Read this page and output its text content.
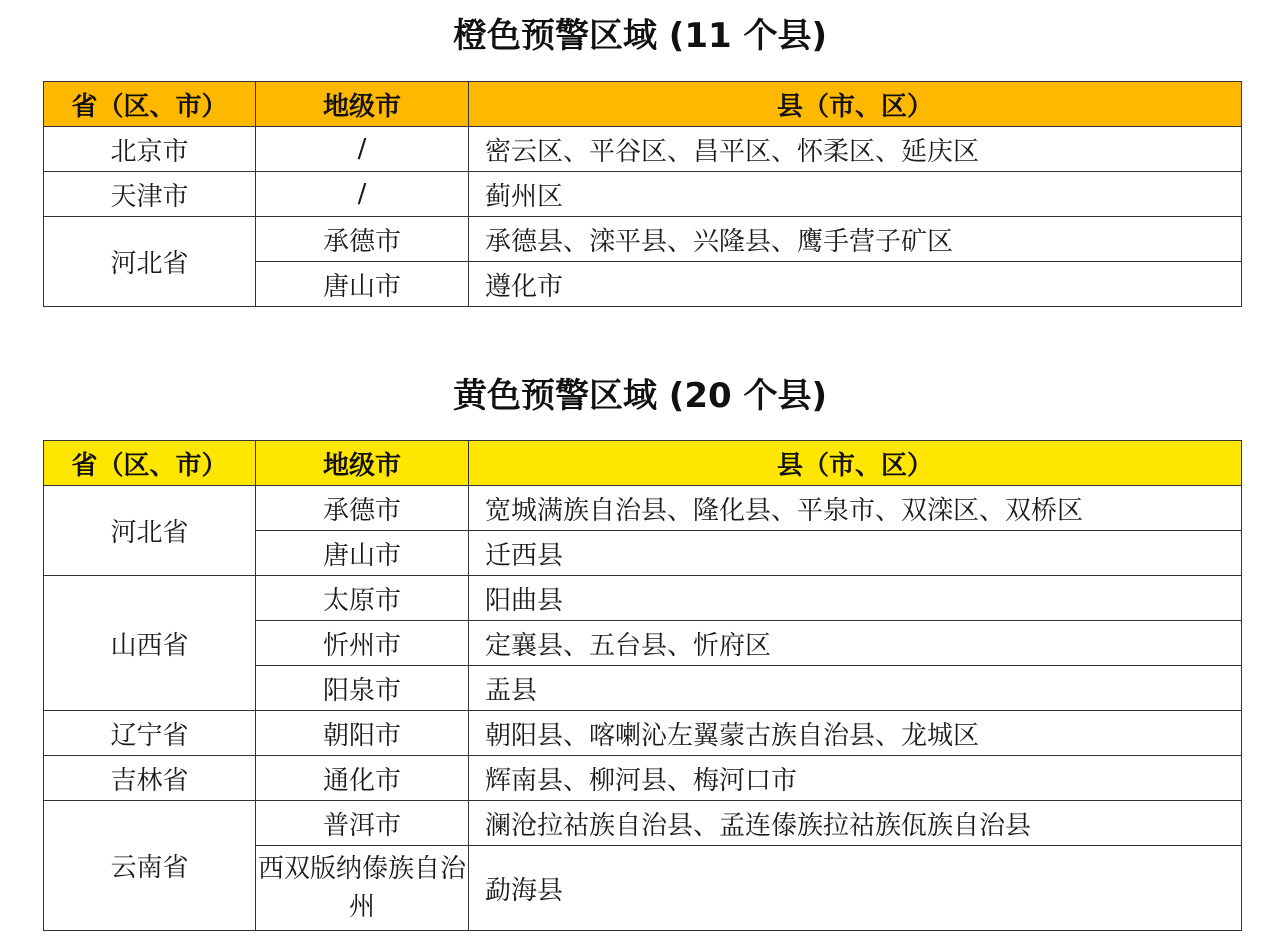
橙色预警区域 (11 个县)
省（区、市）	地级市	县（市、区）
北京市	/	密云区、平谷区、昌平区、怀柔区、延庆区
天津市	/	蓟州区
河北省	承德市	承德县、滦平县、兴隆县、鹰手营子矿区
	唐山市	遵化市
黄色预警区域 (20 个县)
省（区、市）	地级市	县（市、区）
河北省	承德市	宽城满族自治县、隆化县、平泉市、双滦区、双桥区
	唐山市	迁西县
山西省	太原市	阳曲县
	忻州市	定襄县、五台县、忻府区
	阳泉市	盂县
辽宁省	朝阳市	朝阳县、喀喇沁左翼蒙古族自治县、龙城区
吉林省	通化市	辉南县、柳河县、梅河口市
云南省	普洱市	澜沧拉祜族自治县、孟连傣族拉祜族佤族自治县
	西双版纳傣族自治州	勐海县
